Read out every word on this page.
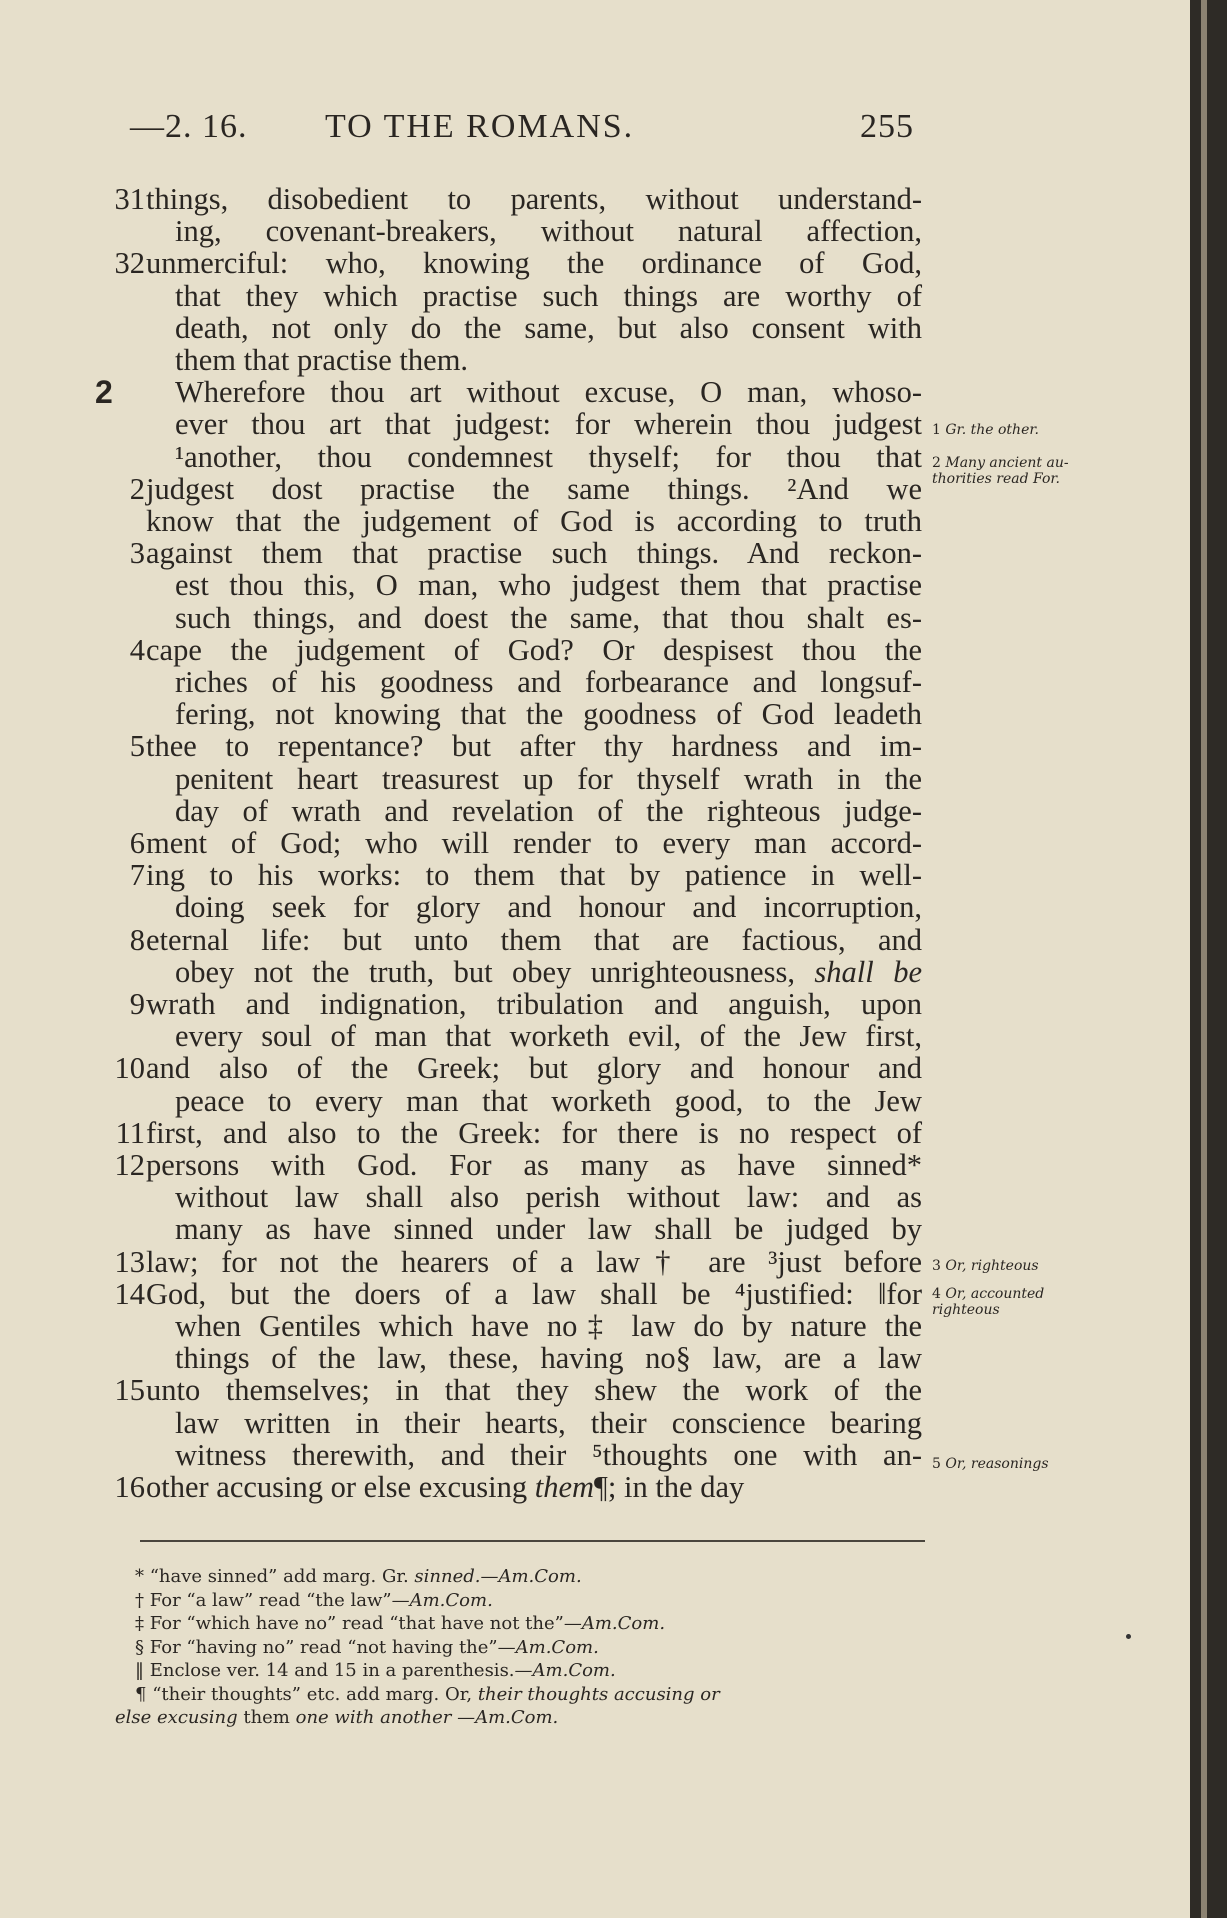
—2. 16. TO THE ROMANS.	255
31 things, disobedient to parents, without understand-
ing, covenant-breakers, without natural affection,
32 unmerciful: who, knowing the ordinance of God,
that they which practise such things are worthy of
death, not only do the same, but also consent with
them that practise them.
2	Wherefore thou art without excuse, O man, whoso-
ever thou art that judgest: for wherein thou judgest
¹another, thou condemnest thyself; for thou that
2 judgest dost practise the same things. ²And we
know that the judgement of God is according to truth
3 against them that practise such things. And reckon-
est thou this, O man, who judgest them that practise
such things, and doest the same, that thou shalt es-
4 cape the judgement of God? Or despisest thou the
riches of his goodness and forbearance and longsuf-
fering, not knowing that the goodness of God leadeth
5 thee to repentance? but after thy hardness and im-
penitent heart treasurest up for thyself wrath in the
day of wrath and revelation of the righteous judge-
6 ment of God; who will render to every man accord-
7 ing to his works: to them that by patience in well-
doing seek for glory and honour and incorruption,
8 eternal life: but unto them that are factious, and
obey not the truth, but obey unrighteousness, shall be
9 wrath and indignation, tribulation and anguish, upon
every soul of man that worketh evil, of the Jew first,
10 and also of the Greek; but glory and honour and
peace to every man that worketh good, to the Jew
11 first, and also to the Greek: for there is no respect of
12 persons with God. For as many as have sinned*
without law shall also perish without law: and as
many as have sinned under law shall be judged by
13 law; for not the hearers of a law† are ³just before
14 God, but the doers of a law shall be ⁴justified: ‖for
when Gentiles which have no‡ law do by nature the
things of the law, these, having no§ law, are a law
15 unto themselves; in that they shew the work of the
law written in their hearts, their conscience bearing
witness therewith, and their ⁵thoughts one with an-
16 other accusing or else excusing them¶; in the day
1 Gr. the other.
2 Many ancient au- thorities read For.
3 Or, righteous
4 Or, accounted righteous
5 Or, reasonings
* “have sinned” add marg. Gr. sinned.—Am.Com.
† For “a law” read “the law”—Am.Com.
‡ For “which have no” read “that have not the”—Am.Com.
§ For “having no” read “not having the”—Am.Com.
‖ Enclose ver. 14 and 15 in a parenthesis.—Am.Com.
¶ “their thoughts” etc. add marg. Or, their thoughts accusing or
else excusing them one with another —Am.Com.
